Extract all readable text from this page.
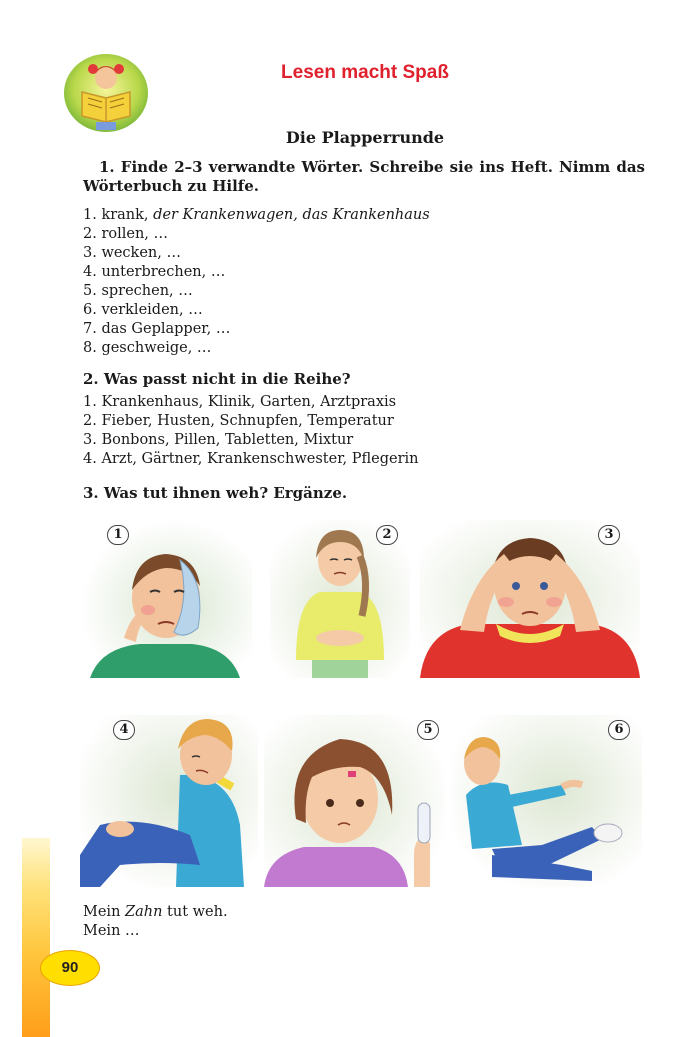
Lesen macht Spaß
Die Plapperrunde
1. Finde 2–3 verwandte Wörter. Schreibe sie ins Heft. Nimm das Wörterbuch zu Hilfe.
1. krank, der Krankenwagen, das Krankenhaus
2. rollen, …
3. wecken, …
4. unterbrechen, …
5. sprechen, …
6. verkleiden, …
7. das Geplapper, …
8. geschweige, …
2. Was passt nicht in die Reihe?
1. Krankenhaus, Klinik, Garten, Arztpraxis
2. Fieber, Husten, Schnupfen, Temperatur
3. Bonbons, Pillen, Tabletten, Mixtur
4. Arzt, Gärtner, Krankenschwester, Pflegerin
3. Was tut ihnen weh? Ergänze.
1	2	3
4	5	6
Mein Zahn tut weh.
Mein …
90
